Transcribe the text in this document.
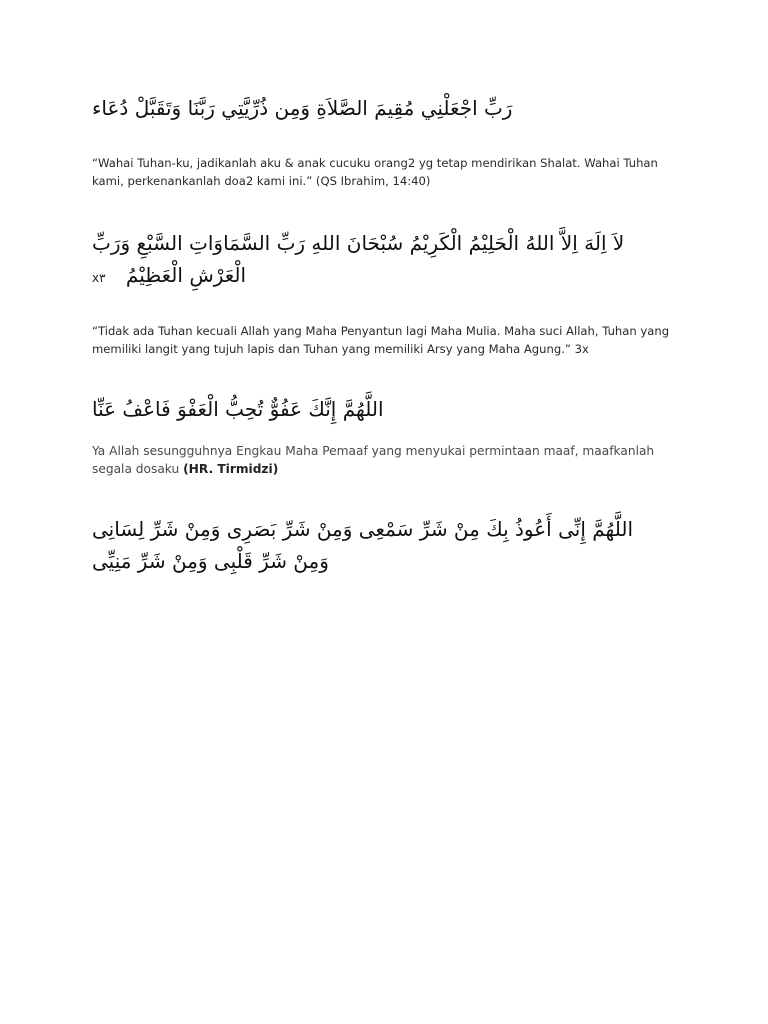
رَبِّ اجْعَلْنِي مُقِيمَ الصَّلاَةِ وَمِن ذُرِّيَّتِي رَبَّنَا وَتَقَبَّلْ دُعَاء
“Wahai Tuhan-ku, jadikanlah aku & anak cucuku orang2 yg tetap mendirikan Shalat. Wahai Tuhan kami, perkenankanlah doa2 kami ini.” (QS Ibrahim, 14:40)
لاَ اِلَهَ اِلاَّ اللهُ الْحَلِيْمُ الْكَرِيْمُ سُبْحَانَ اللهِ رَبِّ السَّمَاوَاتِ السَّبْعِ وَرَبِّ الْعَرْشِ الْعَظِيْمُ x٣
“Tidak ada Tuhan kecuali Allah yang Maha Penyantun lagi Maha Mulia. Maha suci Allah, Tuhan yang memiliki langit yang tujuh lapis dan Tuhan yang memiliki Arsy yang Maha Agung.” 3x
اللَّهُمَّ إِنَّكَ عَفُوٌّ تُحِبُّ الْعَفْوَ فَاعْفُ عَنِّا
Ya Allah sesungguhnya Engkau Maha Pemaaf yang menyukai permintaan maaf, maafkanlah segala dosaku (HR. Tirmidzi)
اللَّهُمَّ إِنِّى أَعُوذُ بِكَ مِنْ شَرِّ سَمْعِى وَمِنْ شَرِّ بَصَرِى وَمِنْ شَرِّ لِسَانِى وَمِنْ شَرِّ قَلْبِى وَمِنْ شَرِّ مَنِيِّى
